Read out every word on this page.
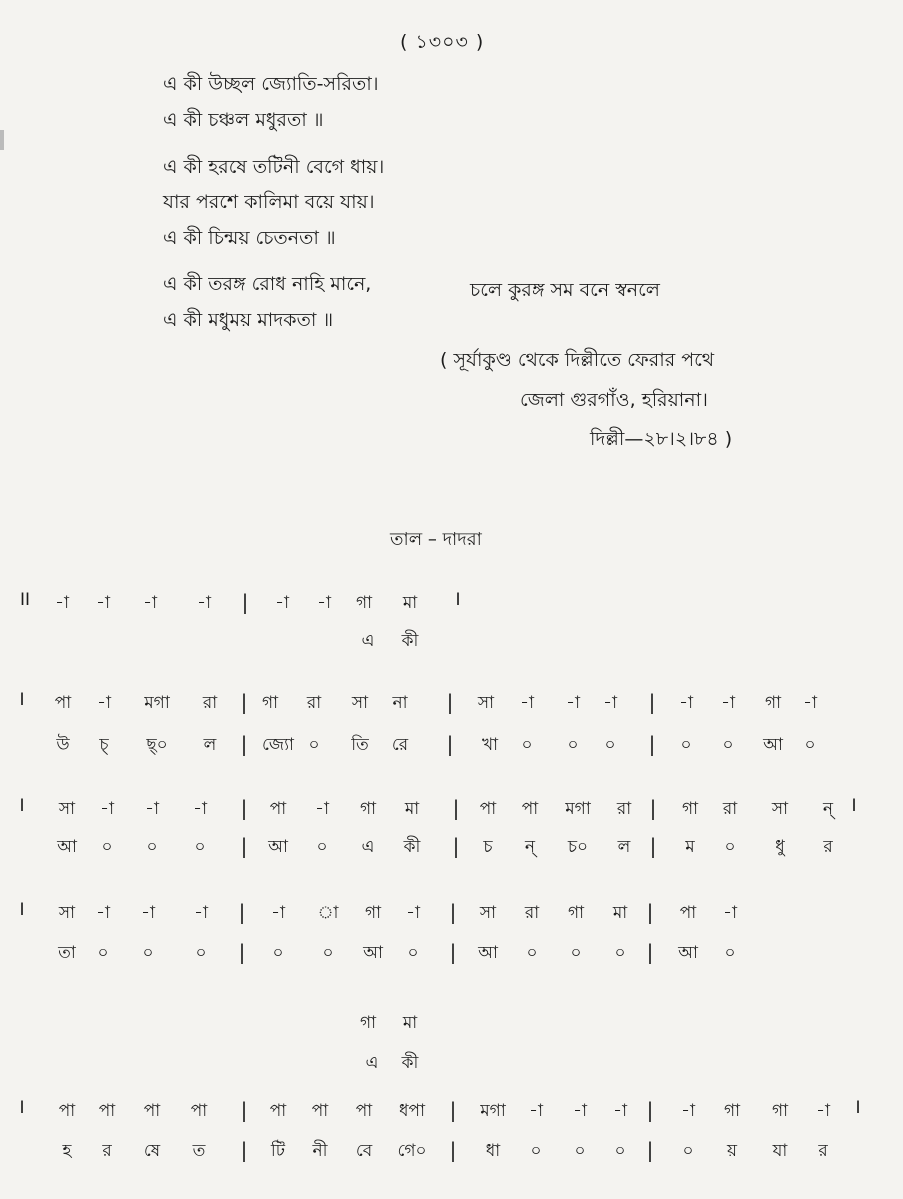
( ১৩০৩ )
এ কী উচ্ছল জ্যোতি-সরিতা।
এ কী চঞ্চল মধুরতা ॥
এ কী হরষে তটিনী বেগে ধায়।
যার পরশে কালিমা বয়ে যায়।
এ কী চিন্ময় চেতনতা ॥
এ কী তরঙ্গ রোধ নাহি মানে,	চলে কুরঙ্গ সম বনে স্বনলে
এ কী মধুময় মাদকতা ॥
( সূর্যাকুণ্ড থেকে দিল্লীতে ফেরার পথে
জেলা গুরগাঁও, হরিয়ানা।
দিল্লী—২৮।২।৮৪ )
তাল – দাদরা
II -া -া -া -া | -া -া গা মা I
এ কী
I পা -া মগা রা | গা রা সা না | সা -া -া -া | -া -া গা -া
উ চ্ ছ্০ ল | জ্যো ০ তি রে | খা ০ ০ ০ | ০ ০ আ ০
I সা -া -া -া | পা -া গা মা | পা পা মগা রা | গা রা সা ন্ I
আ ০ ০ ০ | আ ০ এ কী | চ ন্ চ০ ল | ম ০ ধু র
I সা -া -া -া | -া া গা -া | সা রা গা মা | পা -া
তা ০ ০ ০ | ০ ০ আ ০ | আ ০ ০ ০ | আ ০
গা মা
এ কী
I পা পা পা পা | পা পা পা ধপা | মগা -া -া -া | -া গা গা -া I
হ র ষে ত | টি নী বে গে০ | ধা ০ ০ ০ | ০ য় যা র
